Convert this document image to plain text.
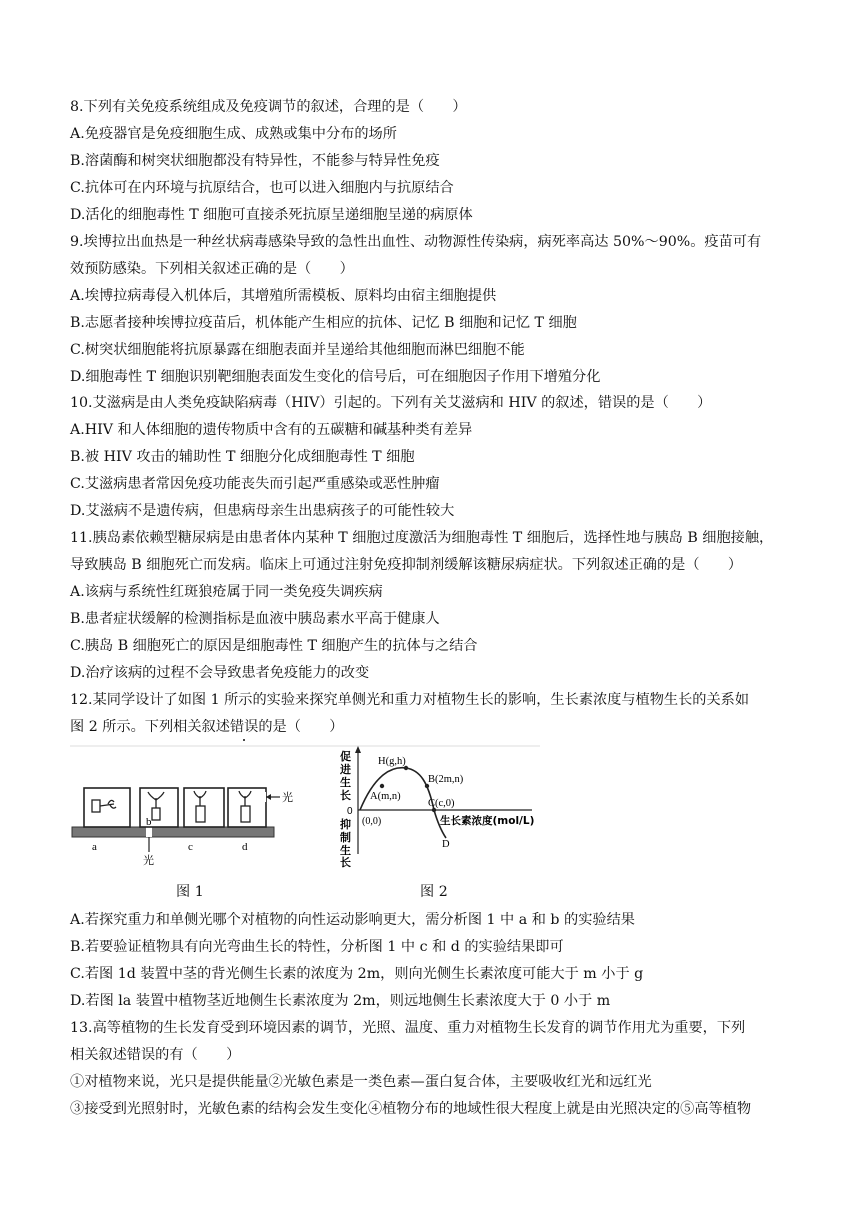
8.下列有关免疫系统组成及免疫调节的叙述，合理的是（　　）
A.免疫器官是免疫细胞生成、成熟或集中分布的场所
B.溶菌酶和树突状细胞都没有特异性，不能参与特异性免疫
C.抗体可在内环境与抗原结合，也可以进入细胞内与抗原结合
D.活化的细胞毒性 T 细胞可直接杀死抗原呈递细胞呈递的病原体
9.埃博拉出血热是一种丝状病毒感染导致的急性出血性、动物源性传染病，病死率高达 50%～90%。疫苗可有
效预防感染。下列相关叙述正确的是（　　）
A.埃博拉病毒侵入机体后，其增殖所需模板、原料均由宿主细胞提供
B.志愿者接种埃博拉疫苗后，机体能产生相应的抗体、记忆 B 细胞和记忆 T 细胞
C.树突状细胞能将抗原暴露在细胞表面并呈递给其他细胞而淋巴细胞不能
D.细胞毒性 T 细胞识别靶细胞表面发生变化的信号后，可在细胞因子作用下增殖分化
10.艾滋病是由人类免疫缺陷病毒（HIV）引起的。下列有关艾滋病和 HIV 的叙述，错误的是（　　）
A.HIV 和人体细胞的遗传物质中含有的五碳糖和碱基种类有差异
B.被 HIV 攻击的辅助性 T 细胞分化成细胞毒性 T 细胞
C.艾滋病患者常因免疫功能丧失而引起严重感染或恶性肿瘤
D.艾滋病不是遗传病，但患病母亲生出患病孩子的可能性较大
11.胰岛素依赖型糖尿病是由患者体内某种 T 细胞过度激活为细胞毒性 T 细胞后，选择性地与胰岛 B 细胞接触，
导致胰岛 B 细胞死亡而发病。临床上可通过注射免疫抑制剂缓解该糖尿病症状。下列叙述正确的是（　　）
A.该病与系统性红斑狼疮属于同一类免疫失调疾病
B.患者症状缓解的检测指标是血液中胰岛素水平高于健康人
C.胰岛 B 细胞死亡的原因是细胞毒性 T 细胞产生的抗体与之结合
D.治疗该病的过程不会导致患者免疫能力的改变
12.某同学设计了如图 1 所示的实验来探究单侧光和重力对植物生长的影响，生长素浓度与植物生长的关系如
图 2 所示。下列相关叙述错误的是（　　）
a
b
c	d
光
光
促
进
生
长
0
抑
制
生
长
H(g,h)
A(m,n)
B(2m,n)
C(c,0)
(0,0)	生长素浓度(mol/L)
D
图 1	图 2
A.若探究重力和单侧光哪个对植物的向性运动影响更大，需分析图 1 中 a 和 b 的实验结果
B.若要验证植物具有向光弯曲生长的特性，分析图 1 中 c 和 d 的实验结果即可
C.若图 1d 装置中茎的背光侧生长素的浓度为 2m，则向光侧生长素浓度可能大于 m 小于 g
D.若图 la 装置中植物茎近地侧生长素浓度为 2m，则远地侧生长素浓度大于 0 小于 m
13.高等植物的生长发育受到环境因素的调节，光照、温度、重力对植物生长发育的调节作用尤为重要，下列
相关叙述错误的有（　　）
①对植物来说，光只是提供能量②光敏色素是一类色素—蛋白复合体，主要吸收红光和远红光
③接受到光照射时，光敏色素的结构会发生变化④植物分布的地域性很大程度上就是由光照决定的⑤高等植物
